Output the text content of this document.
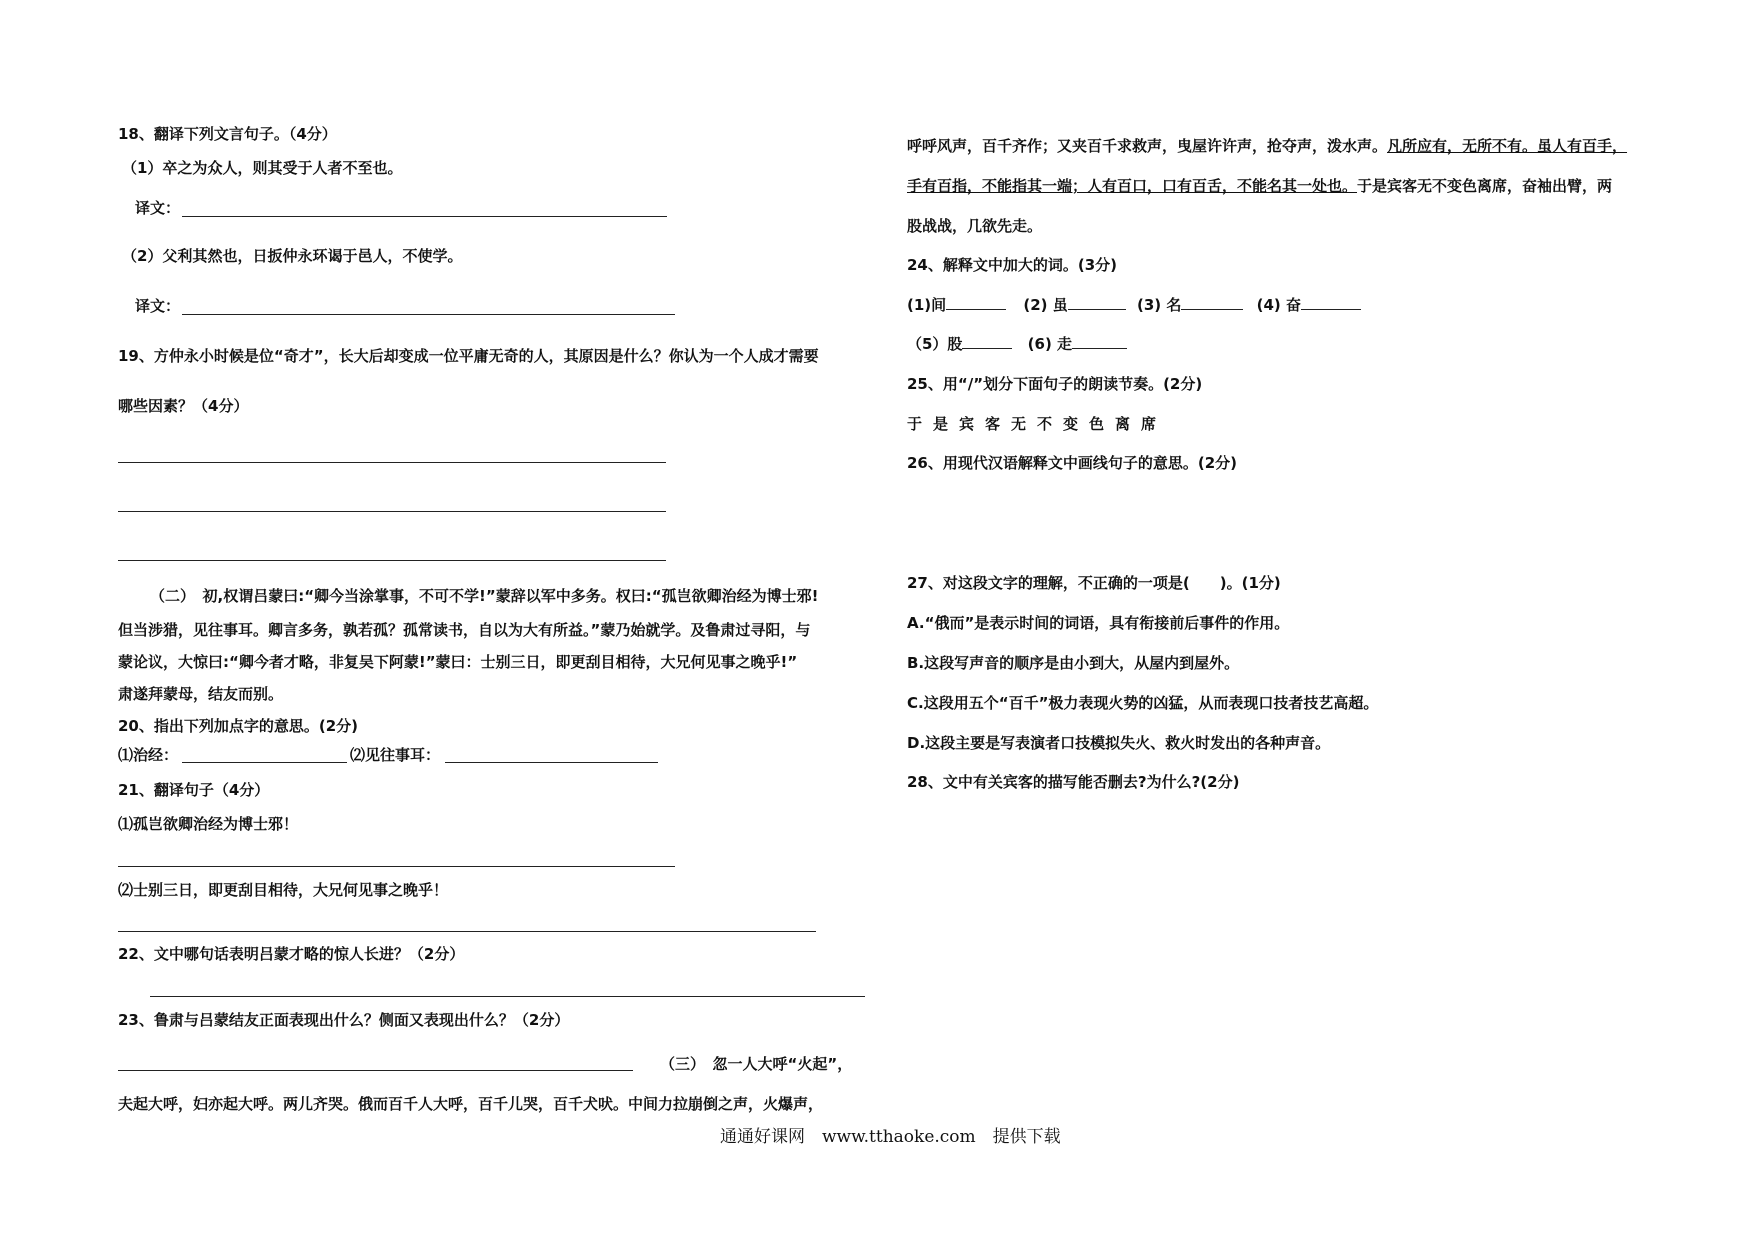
18、翻译下列文言句子。（4分）
（1）卒之为众人，则其受于人者不至也。
译文：
（2）父利其然也，日扳仲永环谒于邑人，不使学。
译文：
19、方仲永小时候是位“奇才”，长大后却变成一位平庸无奇的人，其原因是什么？你认为一个人成才需要
哪些因素？（4分）
（二）　初,权谓吕蒙曰:“卿今当涂掌事，不可不学!”蒙辞以军中多务。权曰:“孤岂欲卿治经为博士邪!
但当涉猎，见往事耳。卿言多务，孰若孤？孤常读书，自以为大有所益。”蒙乃始就学。及鲁肃过寻阳，与
蒙论议，大惊曰:“卿今者才略，非复吴下阿蒙!”蒙曰：士别三日，即更刮目相待，大兄何见事之晚乎!”
肃遂拜蒙母，结友而别。
20、指出下列加点字的意思。(2分)
⑴治经：	⑵见往事耳：
21、翻译句子（4分）
⑴孤岂欲卿治经为博士邪！
⑵士别三日，即更刮目相待，大兄何见事之晚乎！
22、文中哪句话表明吕蒙才略的惊人长进？（2分）
23、鲁肃与吕蒙结友正面表现出什么？侧面又表现出什么？（2分）
（三）　忽一人大呼“火起”，
夫起大呼，妇亦起大呼。两儿齐哭。俄而百千人大呼，百千儿哭，百千犬吠。中间力拉崩倒之声，火爆声，
呼呼风声，百千齐作；又夹百千求救声，曳屋许许声，抢夺声，泼水声。凡所应有，无所不有。虽人有百手，
手有百指，不能指其一端；人有百口，口有百舌，不能名其一处也。于是宾客无不变色离席，奋袖出臂，两
股战战，几欲先走。
24、解释文中加大的词。(3分)
(1)间	(2) 虽	(3) 名	(4) 奋
（5）股	(6) 走
25、用“/”划分下面句子的朗读节奏。(2分)
于是宾客无不变色离席
26、用现代汉语解释文中画线句子的意思。(2分)
27、对这段文字的理解，不正确的一项是(　　)。(1分)
A.“俄而”是表示时间的词语，具有衔接前后事件的作用。
B.这段写声音的顺序是由小到大，从屋内到屋外。
C.这段用五个“百千”极力表现火势的凶猛，从而表现口技者技艺高超。
D.这段主要是写表演者口技模拟失火、救火时发出的各种声音。
28、文中有关宾客的描写能否删去?为什么?(2分)
通通好课网　www.tthaoke.com　提供下载
